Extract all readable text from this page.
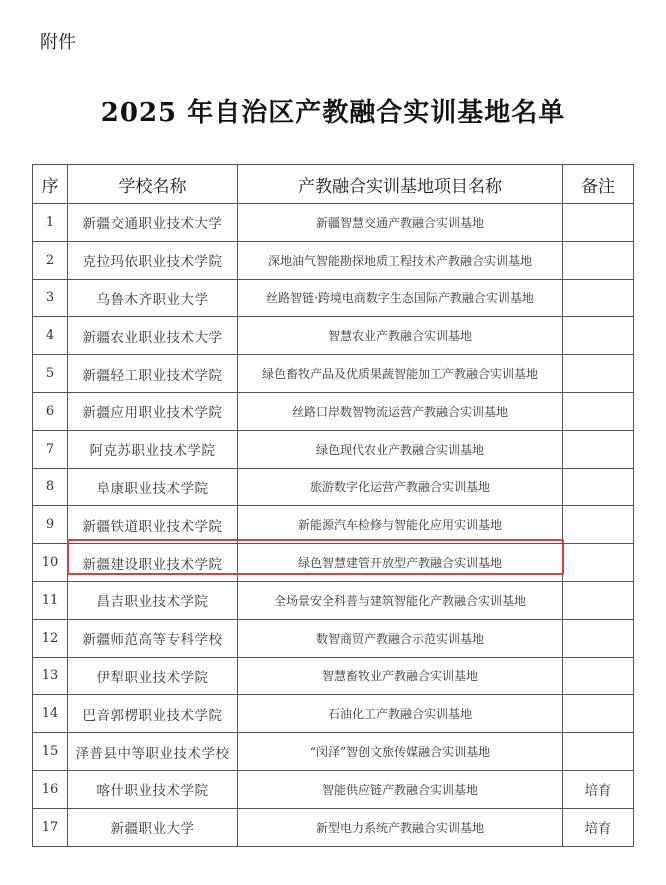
附件
2025 年自治区产教融合实训基地名单
序	学校名称	产教融合实训基地项目名称	备注
1	新疆交通职业技术大学	新疆智慧交通产教融合实训基地	
2	克拉玛依职业技术学院	深地油气智能勘探地质工程技术产教融合实训基地	
3	乌鲁木齐职业大学	丝路智链·跨境电商数字生态国际产教融合实训基地	
4	新疆农业职业技术大学	智慧农业产教融合实训基地	
5	新疆轻工职业技术学院	绿色畜牧产品及优质果蔬智能加工产教融合实训基地	
6	新疆应用职业技术学院	丝路口岸数智物流运营产教融合实训基地	
7	阿克苏职业技术学院	绿色现代农业产教融合实训基地	
8	阜康职业技术学院	旅游数字化运营产教融合实训基地	
9	新疆铁道职业技术学院	新能源汽车检修与智能化应用实训基地	
10	新疆建设职业技术学院	绿色智慧建管开放型产教融合实训基地	
11	昌吉职业技术学院	全场景安全科普与建筑智能化产教融合实训基地	
12	新疆师范高等专科学校	数智商贸产教融合示范实训基地	
13	伊犁职业技术学院	智慧畜牧业产教融合实训基地	
14	巴音郭楞职业技术学院	石油化工产教融合实训基地	
15	泽普县中等职业技术学校	“闵泽”智创文旅传媒融合实训基地	
16	喀什职业技术学院	智能供应链产教融合实训基地	培育
17	新疆职业大学	新型电力系统产教融合实训基地	培育
